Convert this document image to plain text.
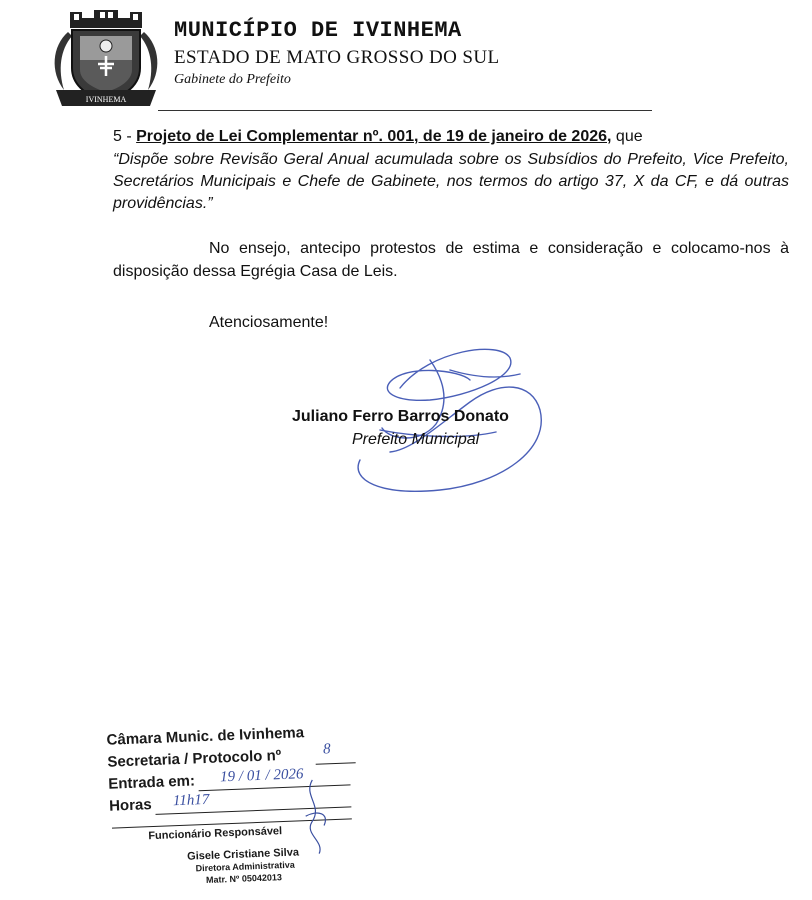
IVINHEMA
MUNICÍPIO DE IVINHEMA
ESTADO DE MATO GROSSO DO SUL
Gabinete do Prefeito
5 - Projeto de Lei Complementar nº. 001, de 19 de janeiro de 2026, que
“Dispõe sobre Revisão Geral Anual acumulada sobre os Subsídios do Prefeito, Vice Prefeito, Secretários Municipais e Chefe de Gabinete, nos termos do artigo 37, X da CF, e dá outras providências.”
No ensejo, antecipo protestos de estima e consideração e colocamo-nos à disposição dessa Egrégia Casa de Leis.
Atenciosamente!
Juliano Ferro Barros Donato
Prefeito Municipal
Câmara Munic. de Ivinhema
Secretaria / Protocolo nº	8
Entrada em: 19 / 01 / 2026
Horas 11h17
Funcionário Responsável
Gisele Cristiane Silva
Diretora Administrativa
Matr. Nº 05042013
